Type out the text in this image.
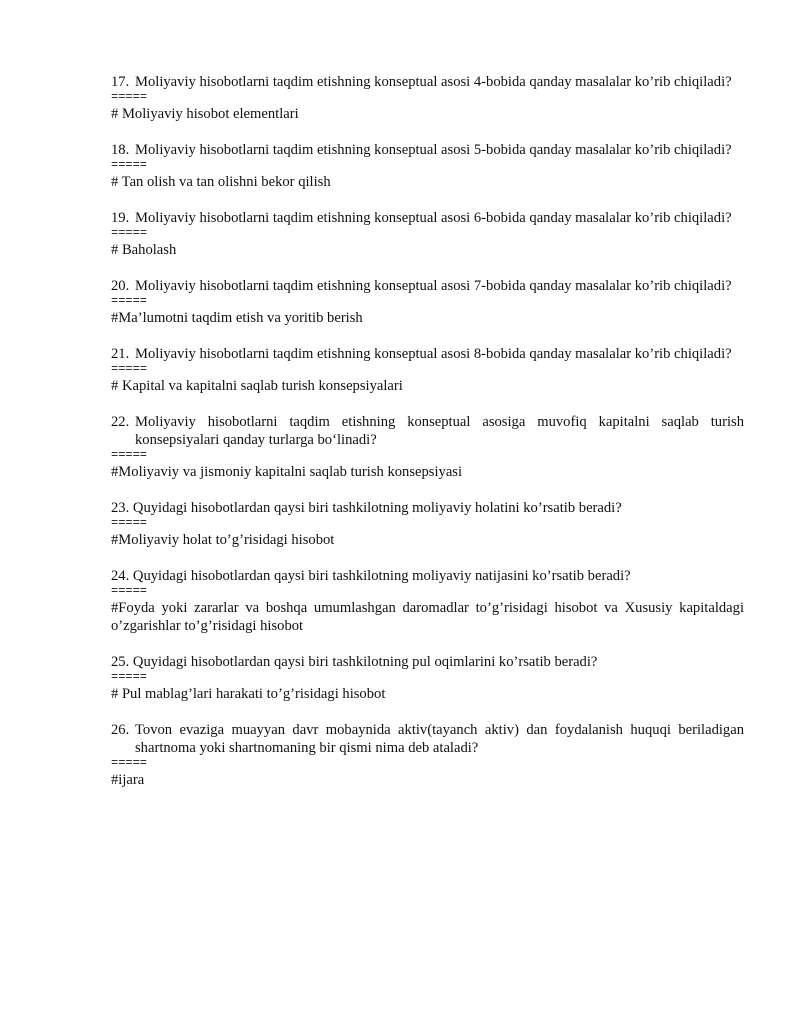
17. Moliyaviy hisobotlarni taqdim etishning konseptual asosi 4-bobida qanday masalalar ko’rib chiqiladi?
=====
# Moliyaviy hisobot elementlari
18. Moliyaviy hisobotlarni taqdim etishning konseptual asosi 5-bobida qanday masalalar ko’rib chiqiladi?
=====
# Tan olish va tan olishni bekor qilish
19. Moliyaviy hisobotlarni taqdim etishning konseptual asosi 6-bobida qanday masalalar ko’rib chiqiladi?
=====
# Baholash
20. Moliyaviy hisobotlarni taqdim etishning konseptual asosi 7-bobida qanday masalalar ko’rib chiqiladi?
=====
#Ma’lumotni taqdim etish va yoritib berish
21. Moliyaviy hisobotlarni taqdim etishning konseptual asosi 8-bobida qanday masalalar ko’rib chiqiladi?
=====
# Kapital va kapitalni saqlab turish konsepsiyalari
22. Moliyaviy hisobotlarni taqdim etishning konseptual asosiga muvofiq kapitalni saqlab turish konsepsiyalari qanday turlarga bo‘linadi?
=====
#Moliyaviy va jismoniy kapitalni saqlab turish konsepsiyasi
23.
Quyidagi hisobotlardan qaysi biri tashkilotning moliyaviy holatini ko’rsatib beradi?
=====
#Moliyaviy holat to’g’risidagi hisobot
24.
Quyidagi hisobotlardan qaysi biri tashkilotning moliyaviy natijasini ko’rsatib beradi?
=====
#Foyda yoki zararlar va boshqa umumlashgan daromadlar to’g’risidagi hisobot va Xususiy kapitaldagi o’zgarishlar to’g’risidagi hisobot
25.
Quyidagi hisobotlardan qaysi biri tashkilotning pul oqimlarini ko’rsatib beradi?
=====
# Pul mablag’lari harakati to’g’risidagi hisobot
26. Tovon evaziga muayyan davr mobaynida aktiv(tayanch aktiv) dan foydalanish huquqi beriladigan shartnoma yoki shartnomaning bir qismi nima deb ataladi?
=====
#ijara
